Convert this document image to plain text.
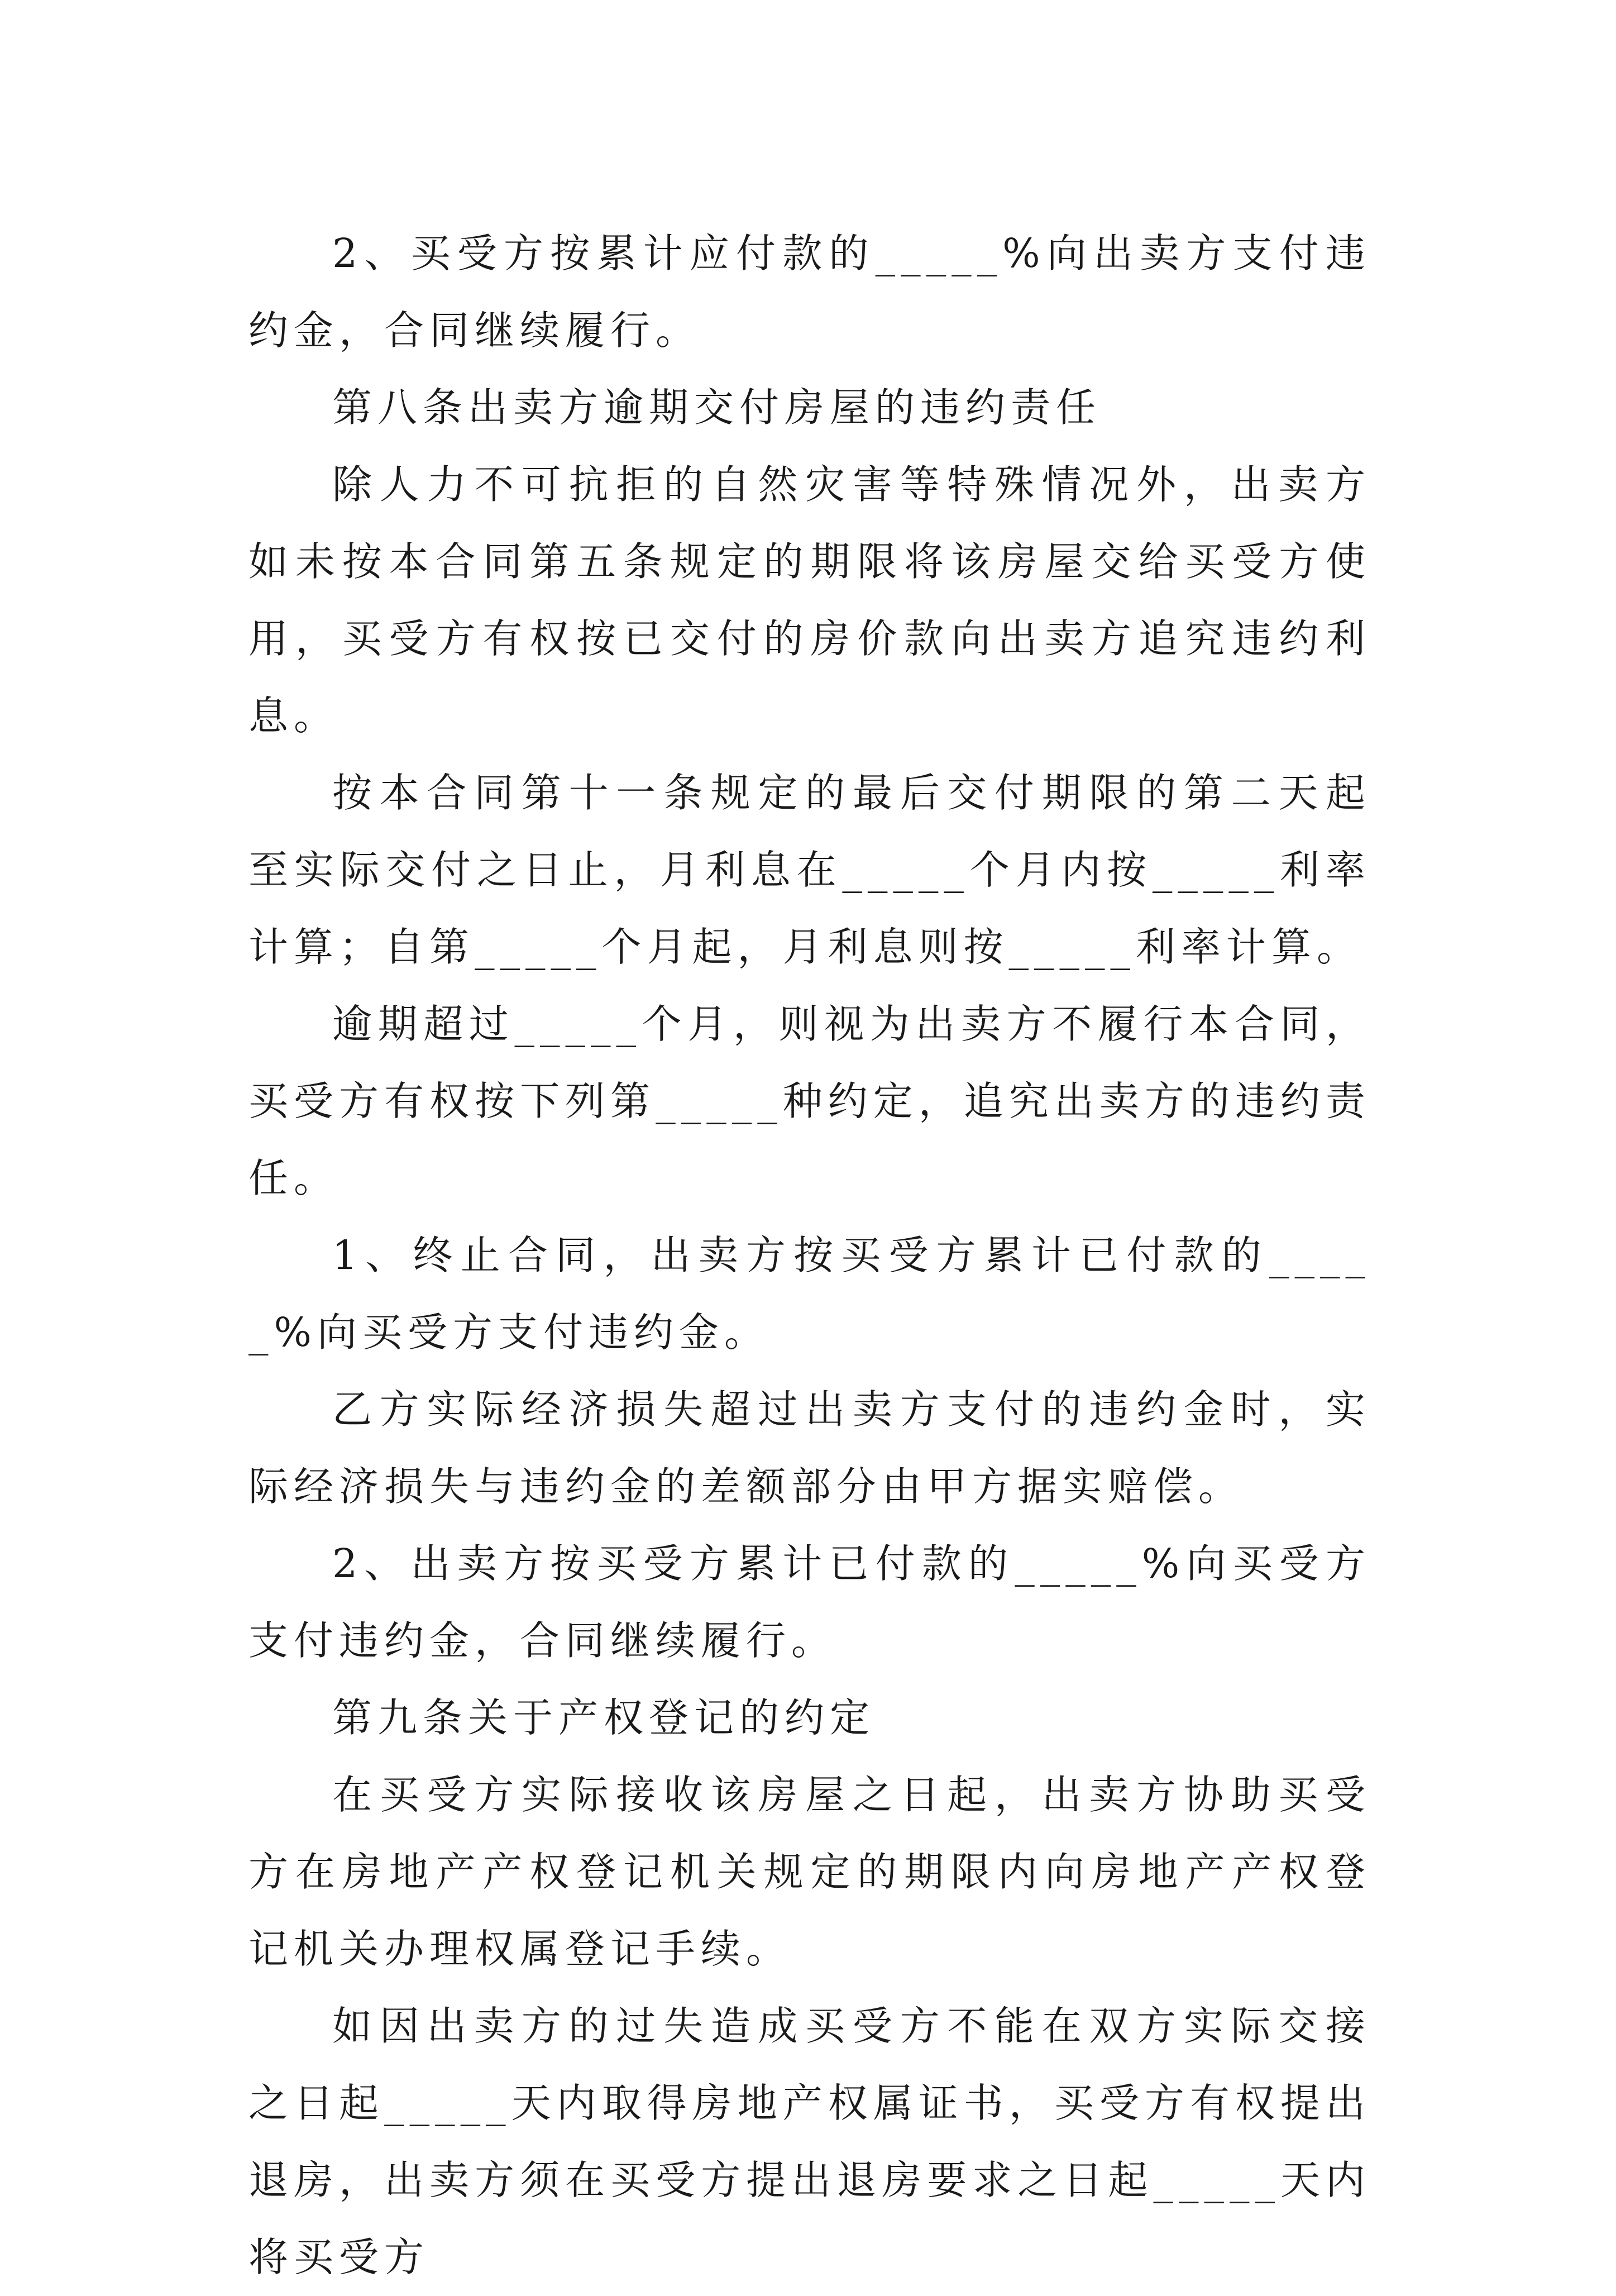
2、买受方按累计应付款的_____%向出卖方支付违约金，合同继续履行。

第八条出卖方逾期交付房屋的违约责任

除人力不可抗拒的自然灾害等特殊情况外，出卖方如未按本合同第五条规定的期限将该房屋交给买受方使用，买受方有权按已交付的房价款向出卖方追究违约利息。

按本合同第十一条规定的最后交付期限的第二天起至实际交付之日止，月利息在_____个月内按_____利率计算；自第_____个月起，月利息则按_____利率计算。

逾期超过_____个月，则视为出卖方不履行本合同，买受方有权按下列第_____种约定，追究出卖方的违约责任。

1、终止合同，出卖方按买受方累计已付款的_____%向买受方支付违约金。

乙方实际经济损失超过出卖方支付的违约金时，实际经济损失与违约金的差额部分由甲方据实赔偿。

2、出卖方按买受方累计已付款的_____%向买受方支付违约金，合同继续履行。

第九条关于产权登记的约定

在买受方实际接收该房屋之日起，出卖方协助买受方在房地产产权登记机关规定的期限内向房地产产权登记机关办理权属登记手续。

如因出卖方的过失造成买受方不能在双方实际交接之日起_____天内取得房地产权属证书，买受方有权提出退房，出卖方须在买受方提出退房要求之日起_____天内将买受方
